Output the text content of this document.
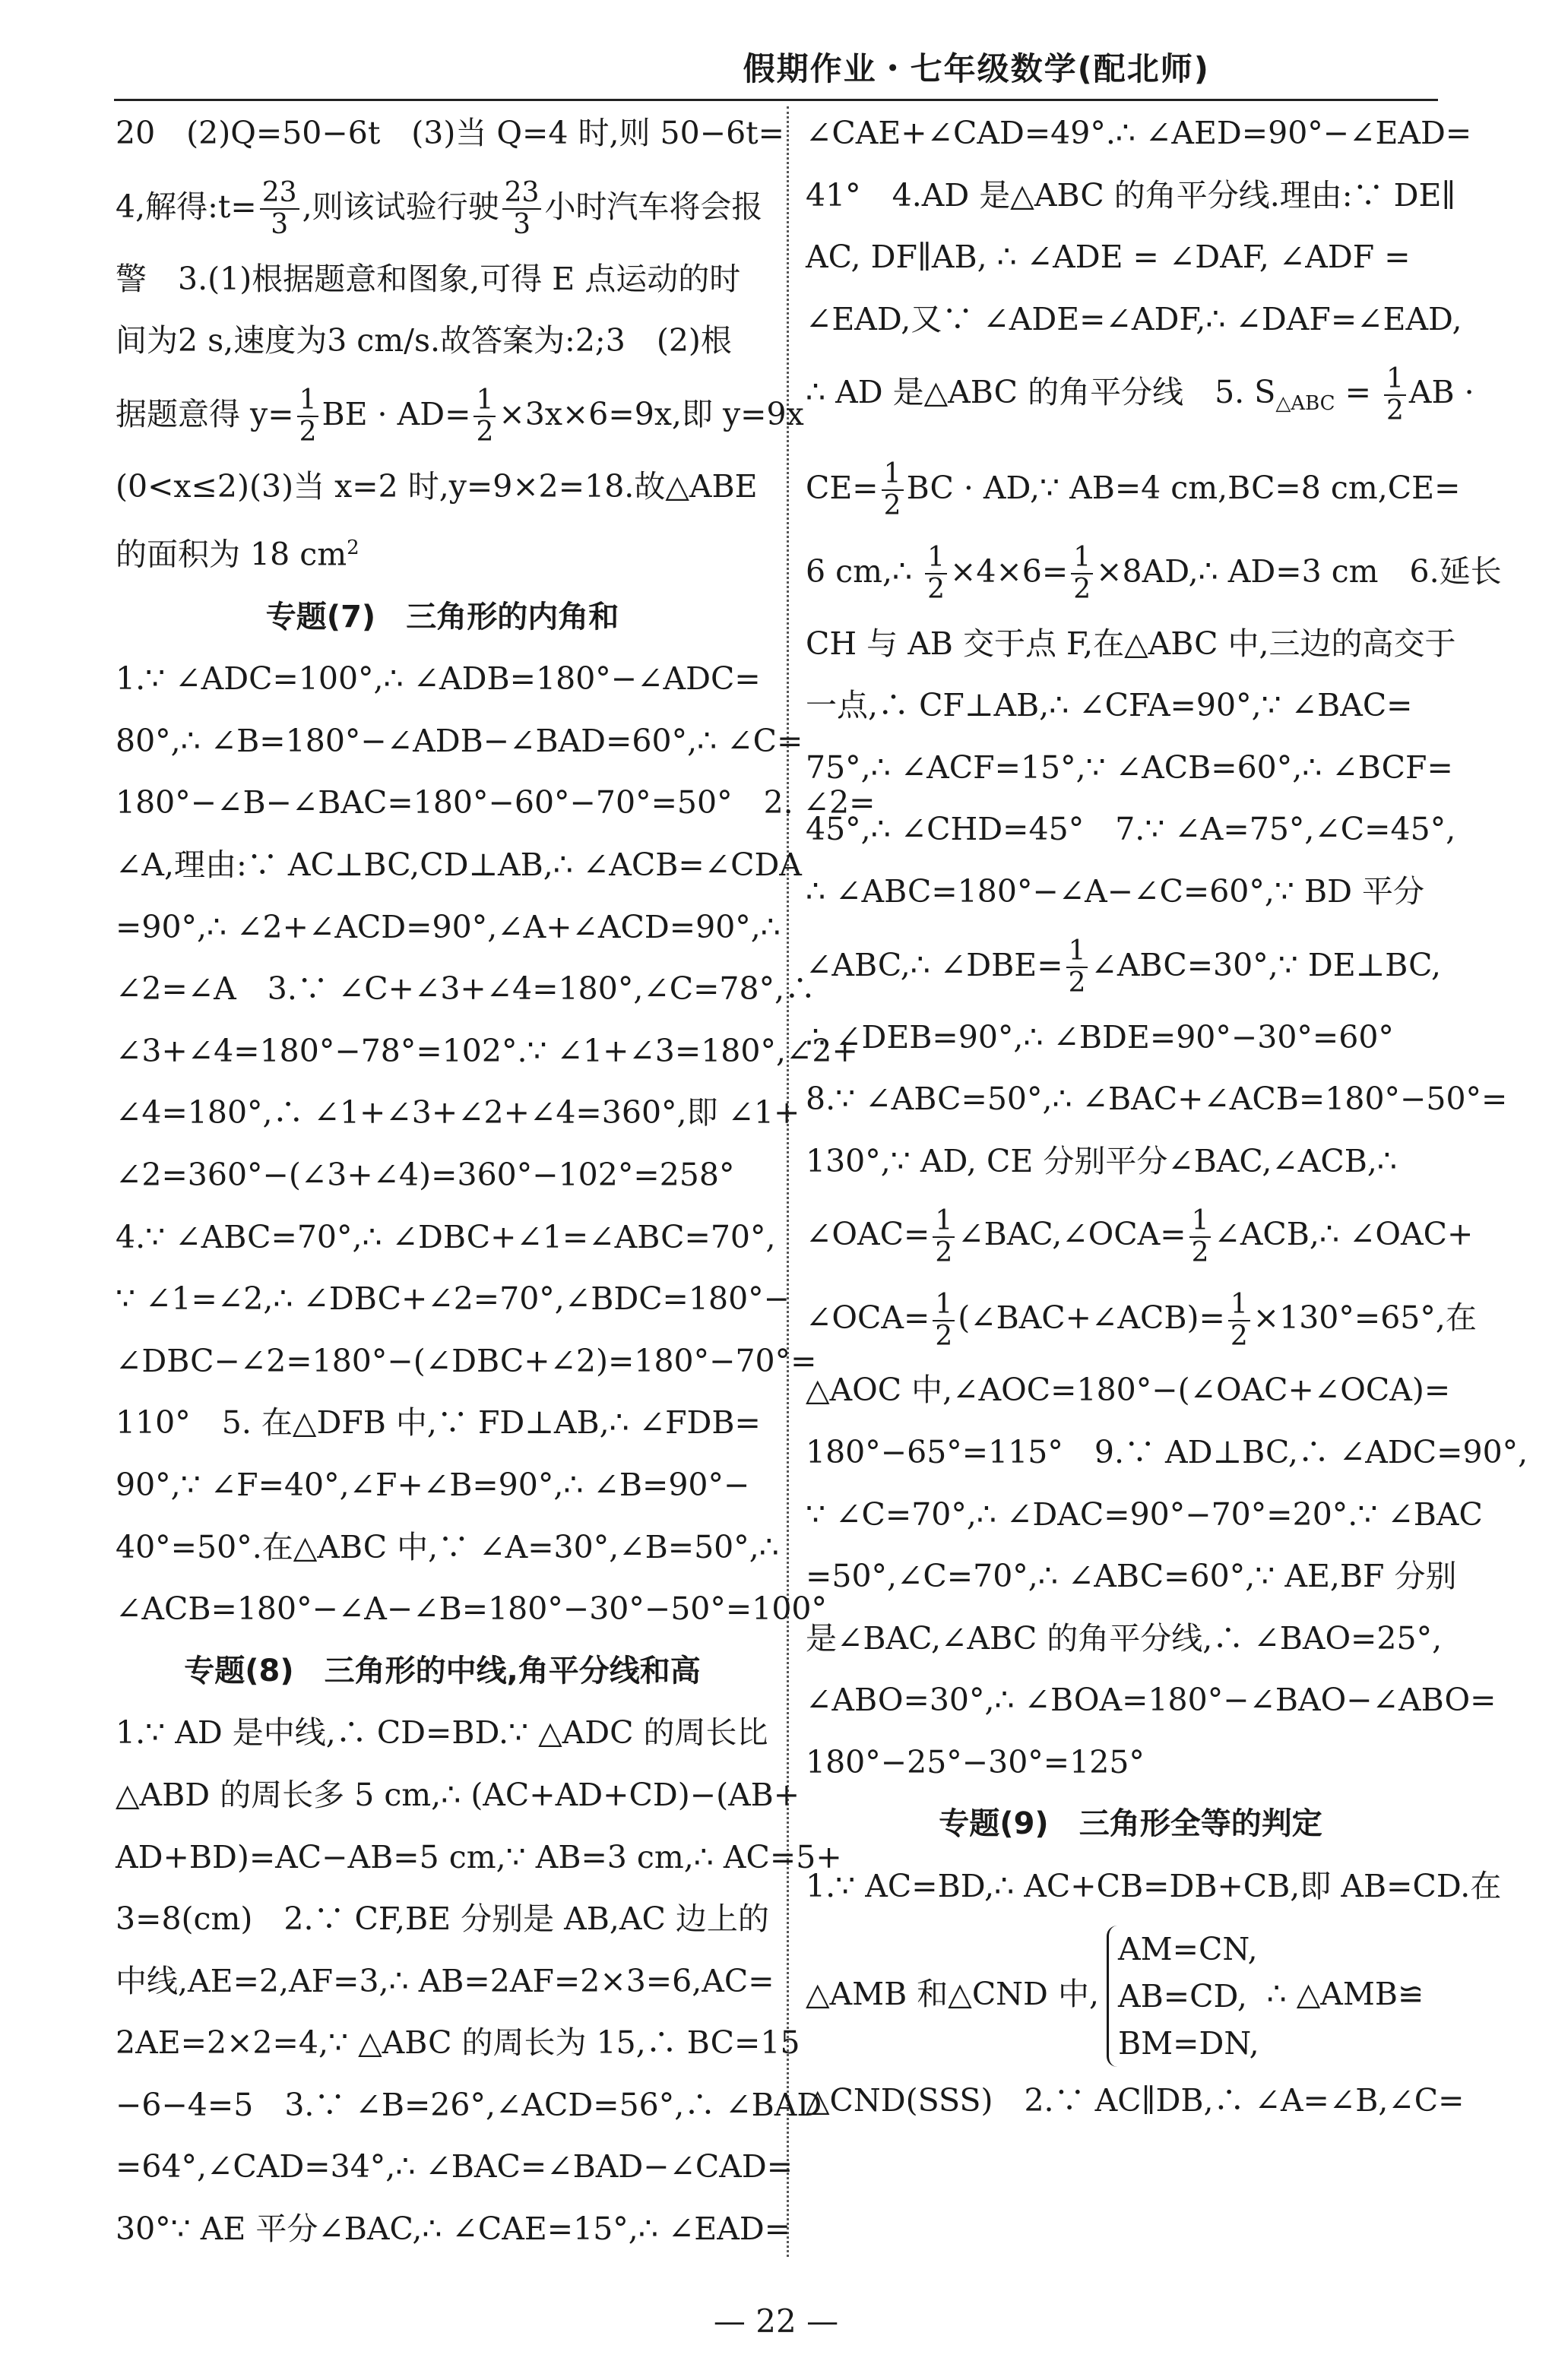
假期作业・七年级数学(配北师)
20　(2)Q=50−6t　(3)当 Q=4 时,则 50−6t=
4,解得:t= $\frac{23}{3}$ ,则该试验行驶 $\frac{23}{3}$ 小时汽车将会报
警　3.(1)根据题意和图象,可得 E 点运动的时
间为2 s,速度为3 cm/s.故答案为:2;3　(2)根
据题意得 $y= \frac{1}{2}$ BE · $AD= \frac{1}{2} \times 3x\times 6=9x$,即 y=9x
(0<x≤2)(3)当 x=2 时,y=9×2=18.故△ABE
的面积为 18 $cm^2$
专题(7)　三角形的内角和
1.∵ ∠ADC=100°,∴ ∠ADB=180°−∠ADC=
80°,∴ ∠B=180°−∠ADB−∠BAD=60°,∴ ∠C=
180°−∠B−∠BAC=180°−60°−70°=50°　2. ∠2=
∠A,理由:∵ AC⊥BC,CD⊥AB,∴ ∠ACB=∠CDA
=90°,∴ ∠2+∠ACD=90°,∠A+∠ACD=90°,∴
∠2=∠A　3.∵ ∠C+∠3+∠4=180°,∠C=78°,∴
∠3+∠4=180°−78°=102°.∵ ∠1+∠3=180°,∠2+
∠4=180°,∴ ∠1+∠3+∠2+∠4=360°,即 ∠1+
∠2=360°−(∠3+∠4)=360°−102°=258°
4.∵ ∠ABC=70°,∴ ∠DBC+∠1=∠ABC=70°,
∵ ∠1=∠2,∴ ∠DBC+∠2=70°,∠BDC=180°−
∠DBC−∠2=180°−(∠DBC+∠2)=180°−70°=
110°　5. 在△DFB 中,∵ FD⊥AB,∴ ∠FDB=
90°,∵ ∠F=40°,∠F+∠B=90°,∴ ∠B=90°−
40°=50°.在△ABC 中,∵ ∠A=30°,∠B=50°,∴
∠ACB=180°−∠A−∠B=180°−30°−50°=100°
专题(8)　三角形的中线,角平分线和高
1.∵ AD 是中线,∴ CD=BD.∵ △ADC 的周长比
△ABD 的周长多 5 cm,∴ (AC+AD+CD)−(AB+
AD+BD)=AC−AB=5 cm,∵ AB=3 cm,∴ AC=5+
3=8(cm)　2.∵ CF,BE 分别是 AB,AC 边上的
中线,AE=2,AF=3,∴ AB=2AF=2×3=6,AC=
2AE=2×2=4,∵ △ABC 的周长为 15,∴ BC=15
−6−4=5　3.∵ ∠B=26°,∠ACD=56°,∴ ∠BAD
=64°,∠CAD=34°,∴ ∠BAC=∠BAD−∠CAD=
30°∵ AE 平分∠BAC,∴ ∠CAE=15°,∴ ∠EAD=
∠CAE+∠CAD=49°.∴ ∠AED=90°−∠EAD=
41°　4.AD 是△ABC 的角平分线.理由:∵ DE∥
AC, DF∥AB, ∴ ∠ADE = ∠DAF, ∠ADF =
∠EAD,又∵ ∠ADE=∠ADF,∴ ∠DAF=∠EAD,
∴ AD 是△ABC 的角平分线　5. $S_{\triangle ABC} = \frac{1}{2}$ AB ·
$CE= \frac{1}{2}$ BC · AD,∵ AB=4 cm,BC=8 cm,CE=
6 cm,∴ $\frac{1}{2} \times 4\times 6= \frac{1}{2}$ ×8AD,∴ AD=3 cm　6.延长
CH 与 AB 交于点 F,在△ABC 中,三边的高交于
一点,∴ CF⊥AB,∴ ∠CFA=90°,∵ ∠BAC=
75°,∴ ∠ACF=15°,∵ ∠ACB=60°,∴ ∠BCF=
45°,∴ ∠CHD=45°　7.∵ ∠A=75°,∠C=45°,
∴ ∠ABC=180°−∠A−∠C=60°,∵ BD 平分
∠ABC,∴ ∠DBE= $\frac{1}{2}$ ∠ABC=30°,∵ DE⊥BC,
∴ ∠DEB=90°,∴ ∠BDE=90°−30°=60°
8.∵ ∠ABC=50°,∴ ∠BAC+∠ACB=180°−50°=
130°,∵ AD, CE 分别平分∠BAC,∠ACB,∴
∠OAC= $\frac{1}{2}$ ∠BAC,∠OCA= $\frac{1}{2}$ ∠ACB,∴ ∠OAC+
∠OCA= $\frac{1}{2}$ (∠BAC+∠ACB)= $\frac{1}{2} \times 130^\circ=65^\circ$,在
△AOC 中,∠AOC=180°−(∠OAC+∠OCA)=
180°−65°=115°　9.∵ AD⊥BC,∴ ∠ADC=90°,
∵ ∠C=70°,∴ ∠DAC=90°−70°=20°.∵ ∠BAC
=50°,∠C=70°,∴ ∠ABC=60°,∵ AE,BF 分别
是∠BAC,∠ABC 的角平分线,∴ ∠BAO=25°,
∠ABO=30°,∴ ∠BOA=180°−∠BAO−∠ABO=
180°−25°−30°=125°
专题(9)　三角形全等的判定
1.∵ AC=BD,∴ AC+CB=DB+CB,即 AB=CD.在
△AMB 和△CND 中,
AM=CN,
AB=CD,
BM=DN,
∴ △AMB≌
△CND(SSS)　2.∵ AC∥DB,∴ ∠A=∠B,∠C=
— 22 —
